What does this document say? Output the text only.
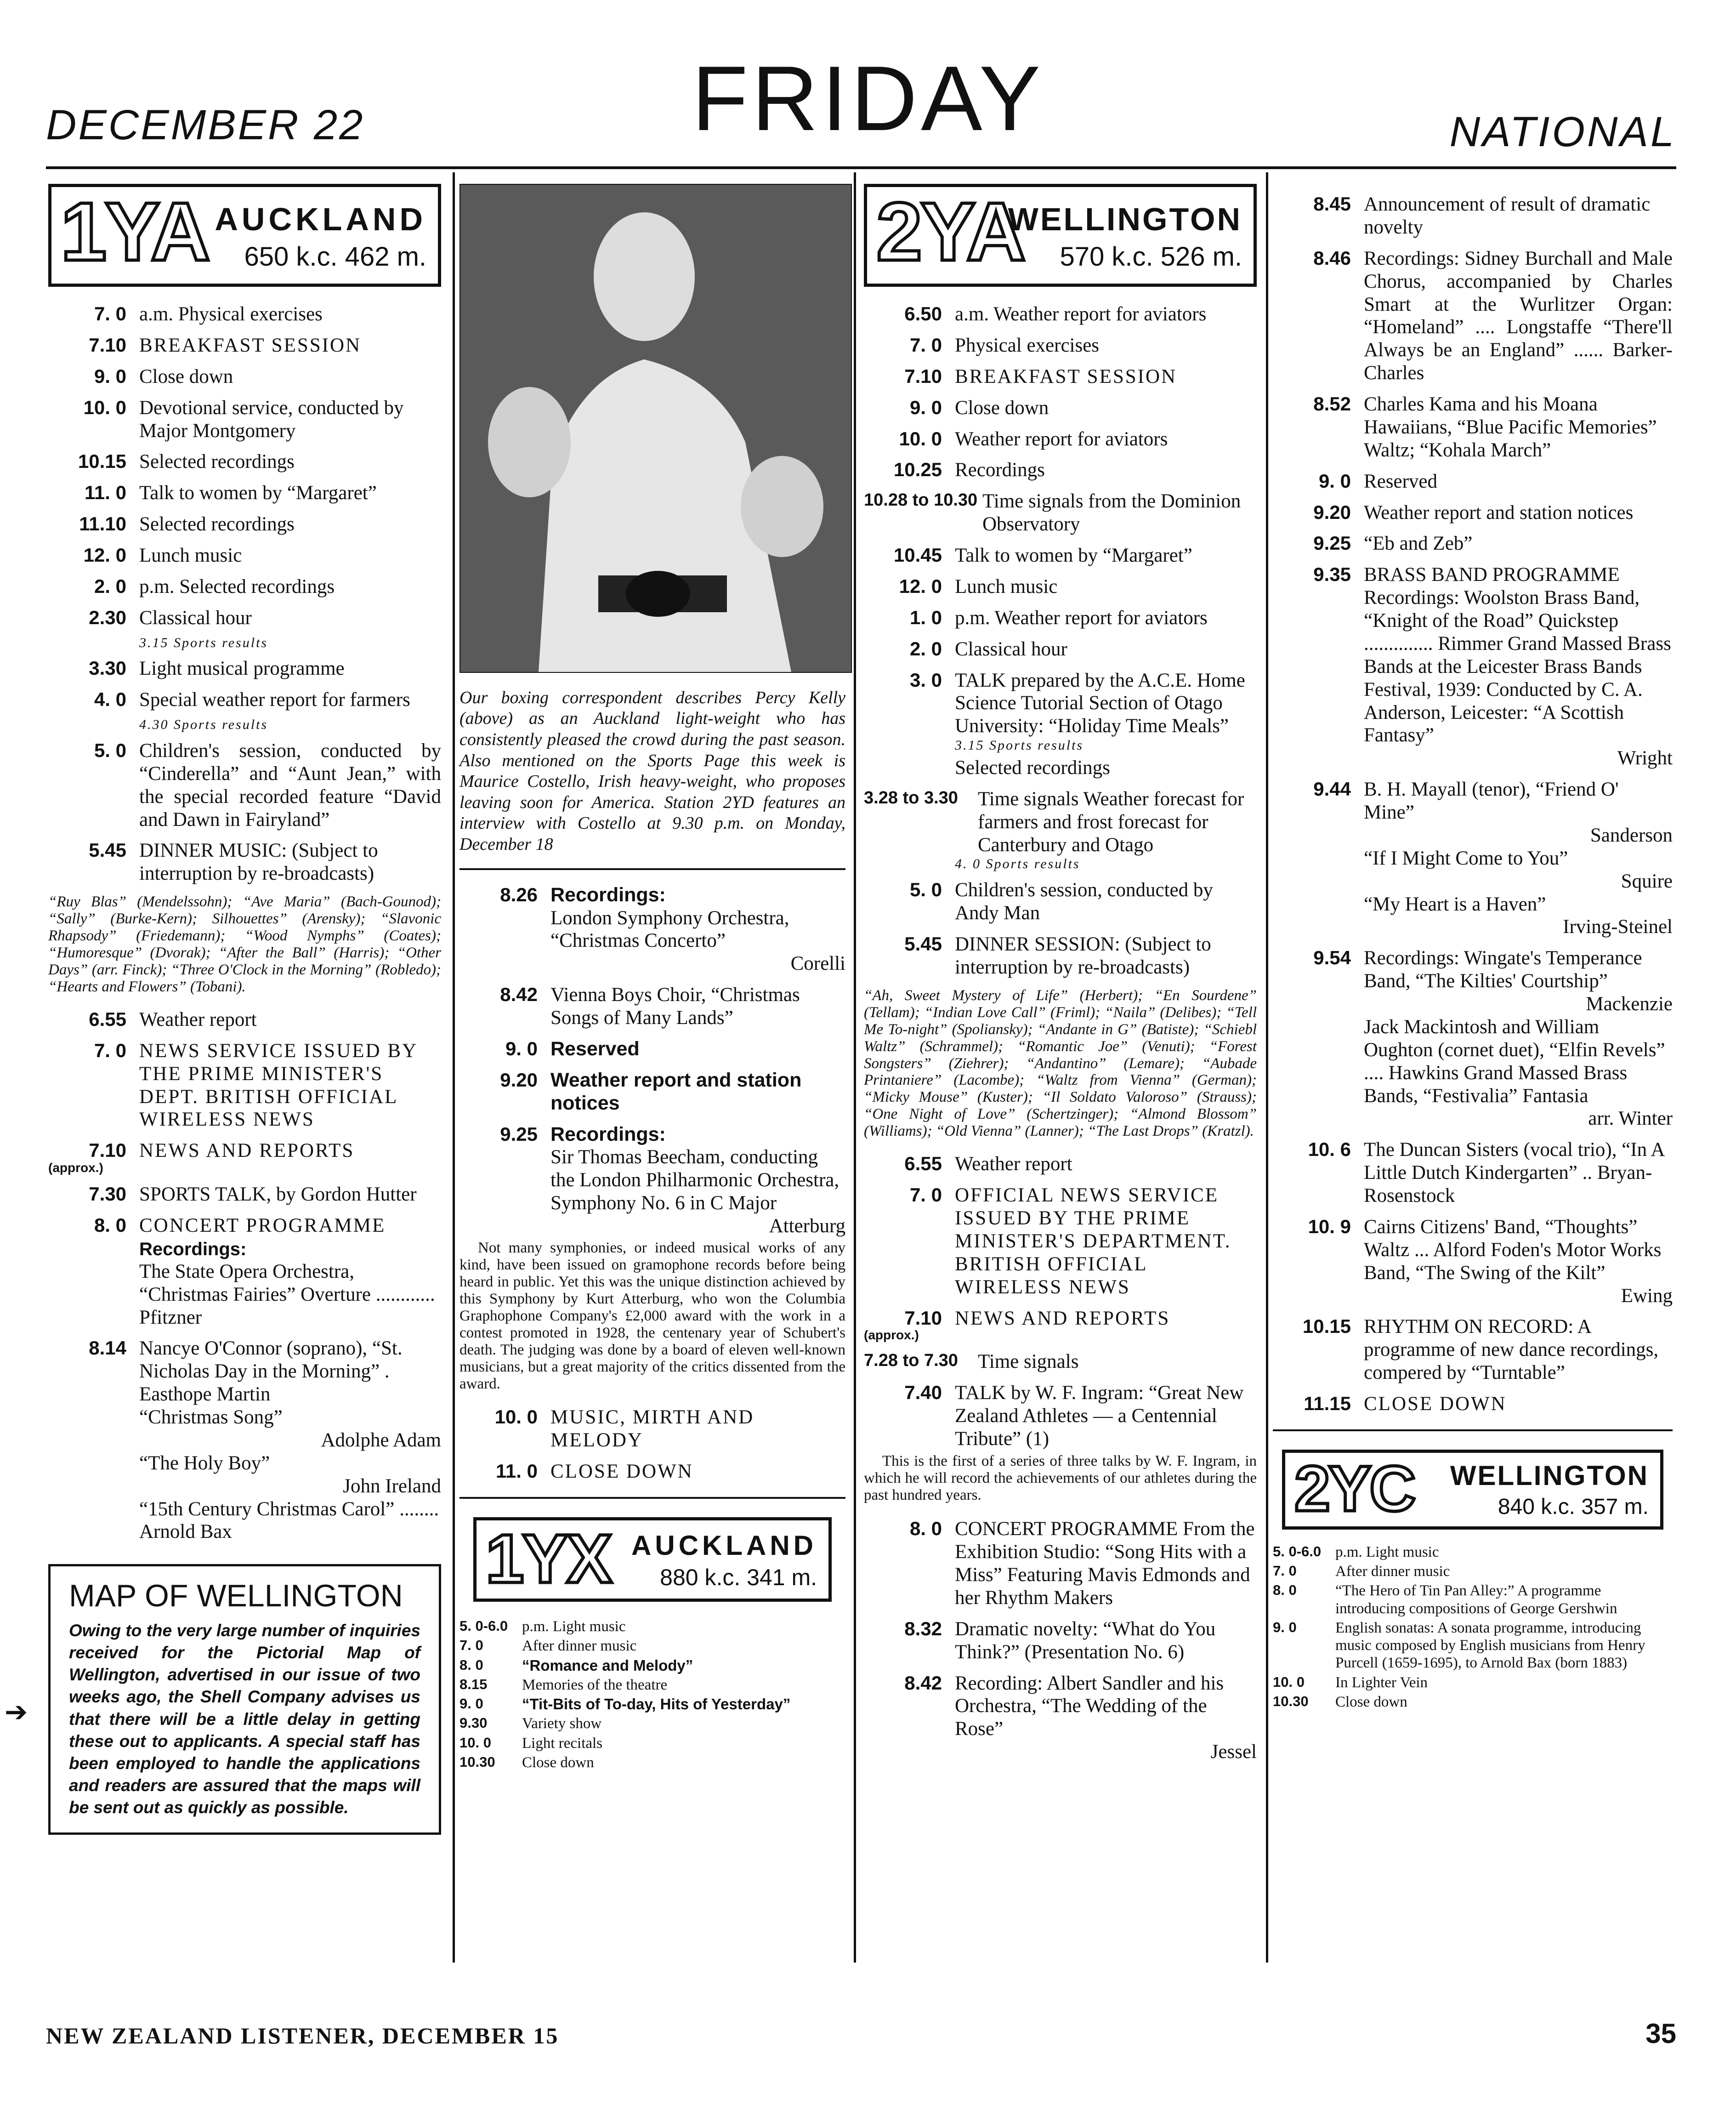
DECEMBER 22	FRIDAY	NATIONAL
1YA AUCKLAND
650 k.c. 462 m.
7. 0 a.m. Physical exercises
7.10 BREAKFAST SESSION
9. 0 Close down
10. 0 Devotional service, conducted by Major Montgomery
10.15 Selected recordings
11. 0 Talk to women by “Margaret”
11.10 Selected recordings
12. 0 Lunch music
2. 0 p.m. Selected recordings
2.30 Classical hour
3.15 Sports results
3.30 Light musical programme
4. 0 Special weather report for farmers
4.30 Sports results
5. 0 Children's session, conducted by “Cinderella” and “Aunt Jean,” with the special recorded feature “David and Dawn in Fairyland”
5.45 DINNER MUSIC: (Subject to interruption by re-broadcasts)
“Ruy Blas” (Mendelssohn); “Ave Maria” (Bach-Gounod); “Sally” (Burke-Kern); Silhouettes” (Arensky); “Slavonic Rhapsody” (Friedemann); “Wood Nymphs” (Coates); “Humoresque” (Dvorak); “After the Ball” (Harris); “Other Days” (arr. Finck); “Three O'Clock in the Morning” (Robledo); “Hearts and Flowers” (Tobani).
6.55 Weather report
7. 0 NEWS SERVICE ISSUED BY THE PRIME MINISTER'S DEPT. BRITISH OFFICIAL WIRELESS NEWS
7.10 NEWS AND REPORTS
(approx.)
7.30 SPORTS TALK, by Gordon Hutter
8. 0 CONCERT PROGRAMME
Recordings:
The State Opera Orchestra, “Christmas Fairies” Overture ............ Pfitzner
8.14 Nancye O'Connor (soprano), “St. Nicholas Day in the Morning” . Easthope Martin
“Christmas Song”
Adolphe Adam
“The Holy Boy”
John Ireland
“15th Century Christmas Carol” ........ Arnold Bax
MAP OF WELLINGTON
Owing to the very large number of inquiries received for the Pictorial Map of Wellington, advertised in our issue of two weeks ago, the Shell Company advises us that there will be a little delay in getting these out to applicants. A special staff has been employed to handle the applications and readers are assured that the maps will be sent out as quickly as possible.
➔
Our boxing correspondent describes Percy Kelly (above) as an Auckland light-weight who has consistently pleased the crowd during the past season. Also mentioned on the Sports Page this week is Maurice Costello, Irish heavy-weight, who proposes leaving soon for America. Station 2YD features an interview with Costello at 9.30 p.m. on Monday, December 18
8.26 Recordings:
London Symphony Orchestra, “Christmas Concerto”
Corelli
8.42 Vienna Boys Choir, “Christmas Songs of Many Lands”
9. 0 Reserved
9.20 Weather report and station notices
9.25 Recordings:
Sir Thomas Beecham, conducting the London Philharmonic Orchestra, Symphony No. 6 in C Major
Atterburg
Not many symphonies, or indeed musical works of any kind, have been issued on gramophone records before being heard in public. Yet this was the unique distinction achieved by this Symphony by Kurt Atterburg, who won the Columbia Graphophone Company's £2,000 award with the work in a contest promoted in 1928, the centenary year of Schubert's death. The judging was done by a board of eleven well-known musicians, but a great majority of the critics dissented from the award.
10. 0 MUSIC, MIRTH AND MELODY
11. 0 CLOSE DOWN
1YX AUCKLAND
880 k.c. 341 m.
5. 0-6.0 p.m. Light music
7. 0	After dinner music
8. 0	“Romance and Melody”
8.15	Memories of the theatre
9. 0	“Tit-Bits of To-day, Hits of Yesterday”
9.30	Variety show
10. 0	Light recitals
10.30	Close down
2YA
WELLINGTON
570 k.c. 526 m.
6.50 a.m. Weather report for aviators
7. 0 Physical exercises
7.10 BREAKFAST SESSION
9. 0 Close down
10. 0 Weather report for aviators
10.25 Recordings
10.28 to 10.30 Time signals from the Dominion Observatory
10.45 Talk to women by “Margaret”
12. 0 Lunch music
1. 0 p.m. Weather report for aviators
2. 0 Classical hour
3. 0 TALK prepared by the A.C.E. Home Science Tutorial Section of Otago University: “Holiday Time Meals”
3.15 Sports results
Selected recordings
3.28 to 3.30	Time signals Weather forecast for farmers and frost forecast for Canterbury and Otago
4. 0 Sports results
5. 0 Children's session, conducted by Andy Man
5.45 DINNER SESSION: (Subject to interruption by re-broadcasts)
“Ah, Sweet Mystery of Life” (Herbert); “En Sourdene” (Tellam); “Indian Love Call” (Friml); “Naila” (Delibes); “Tell Me To-night” (Spoliansky); “Andante in G” (Batiste); “Schiebl Waltz” (Schrammel); “Romantic Joe” (Venuti); “Forest Songsters” (Ziehrer); “Andantino” (Lemare); “Aubade Printaniere” (Lacombe); “Waltz from Vienna” (German); “Micky Mouse” (Kuster); “Il Soldato Valoroso” (Strauss); “One Night of Love” (Schertzinger); “Almond Blossom” (Williams); “Old Vienna” (Lanner); “The Last Drops” (Kratzl).
6.55 Weather report
7. 0 OFFICIAL NEWS SERVICE ISSUED BY THE PRIME MINISTER'S DEPARTMENT. BRITISH OFFICIAL WIRELESS NEWS
7.10 NEWS AND REPORTS
(approx.)
7.28 to 7.30	Time signals
7.40 TALK by W. F. Ingram: “Great New Zealand Athletes — a Centennial Tribute” (1)
This is the first of a series of three talks by W. F. Ingram, in which he will record the achievements of our athletes during the past hundred years.
8. 0 CONCERT PROGRAMME From the Exhibition Studio: “Song Hits with a Miss” Featuring Mavis Edmonds and her Rhythm Makers
8.32 Dramatic novelty: “What do You Think?” (Presentation No. 6)
8.42 Recording: Albert Sandler and his Orchestra, “The Wedding of the Rose”
Jessel
8.45 Announcement of result of dramatic novelty
8.46 Recordings: Sidney Burchall and Male Chorus, accompanied by Charles Smart at the Wurlitzer Organ: “Homeland” .... Longstaffe “There'll Always be an England” ...... Barker-Charles
8.52 Charles Kama and his Moana Hawaiians, “Blue Pacific Memories” Waltz; “Kohala March”
9. 0 Reserved
9.20 Weather report and station notices
9.25 “Eb and Zeb”
9.35 BRASS BAND PROGRAMME Recordings: Woolston Brass Band, “Knight of the Road” Quickstep .............. Rimmer Grand Massed Brass Bands at the Leicester Brass Bands Festival, 1939: Conducted by C. A. Anderson, Leicester: “A Scottish Fantasy”
Wright
9.44 B. H. Mayall (tenor), “Friend O' Mine”
Sanderson
“If I Might Come to You”
Squire
“My Heart is a Haven”
Irving-Steinel
9.54 Recordings: Wingate's Temperance Band, “The Kilties' Courtship”
Mackenzie
Jack Mackintosh and William Oughton (cornet duet), “Elfin Revels” .... Hawkins Grand Massed Brass Bands, “Festivalia” Fantasia
arr. Winter
10. 6 The Duncan Sisters (vocal trio), “In A Little Dutch Kindergarten” .. Bryan-Rosenstock
10. 9 Cairns Citizens' Band, “Thoughts” Waltz ... Alford Foden's Motor Works Band, “The Swing of the Kilt”
Ewing
10.15 RHYTHM ON RECORD: A programme of new dance recordings, compered by “Turntable”
11.15 CLOSE DOWN
2YC WELLINGTON
840 k.c. 357 m.
5. 0-6.0 p.m. Light music
7. 0	After dinner music
8. 0	“The Hero of Tin Pan Alley:” A programme introducing compositions of George Gershwin
9. 0	English sonatas: A sonata programme, introducing music composed by English musicians from Henry Purcell (1659-1695), to Arnold Bax (born 1883)
10. 0	In Lighter Vein
10.30	Close down
NEW ZEALAND LISTENER, DECEMBER 15	35
